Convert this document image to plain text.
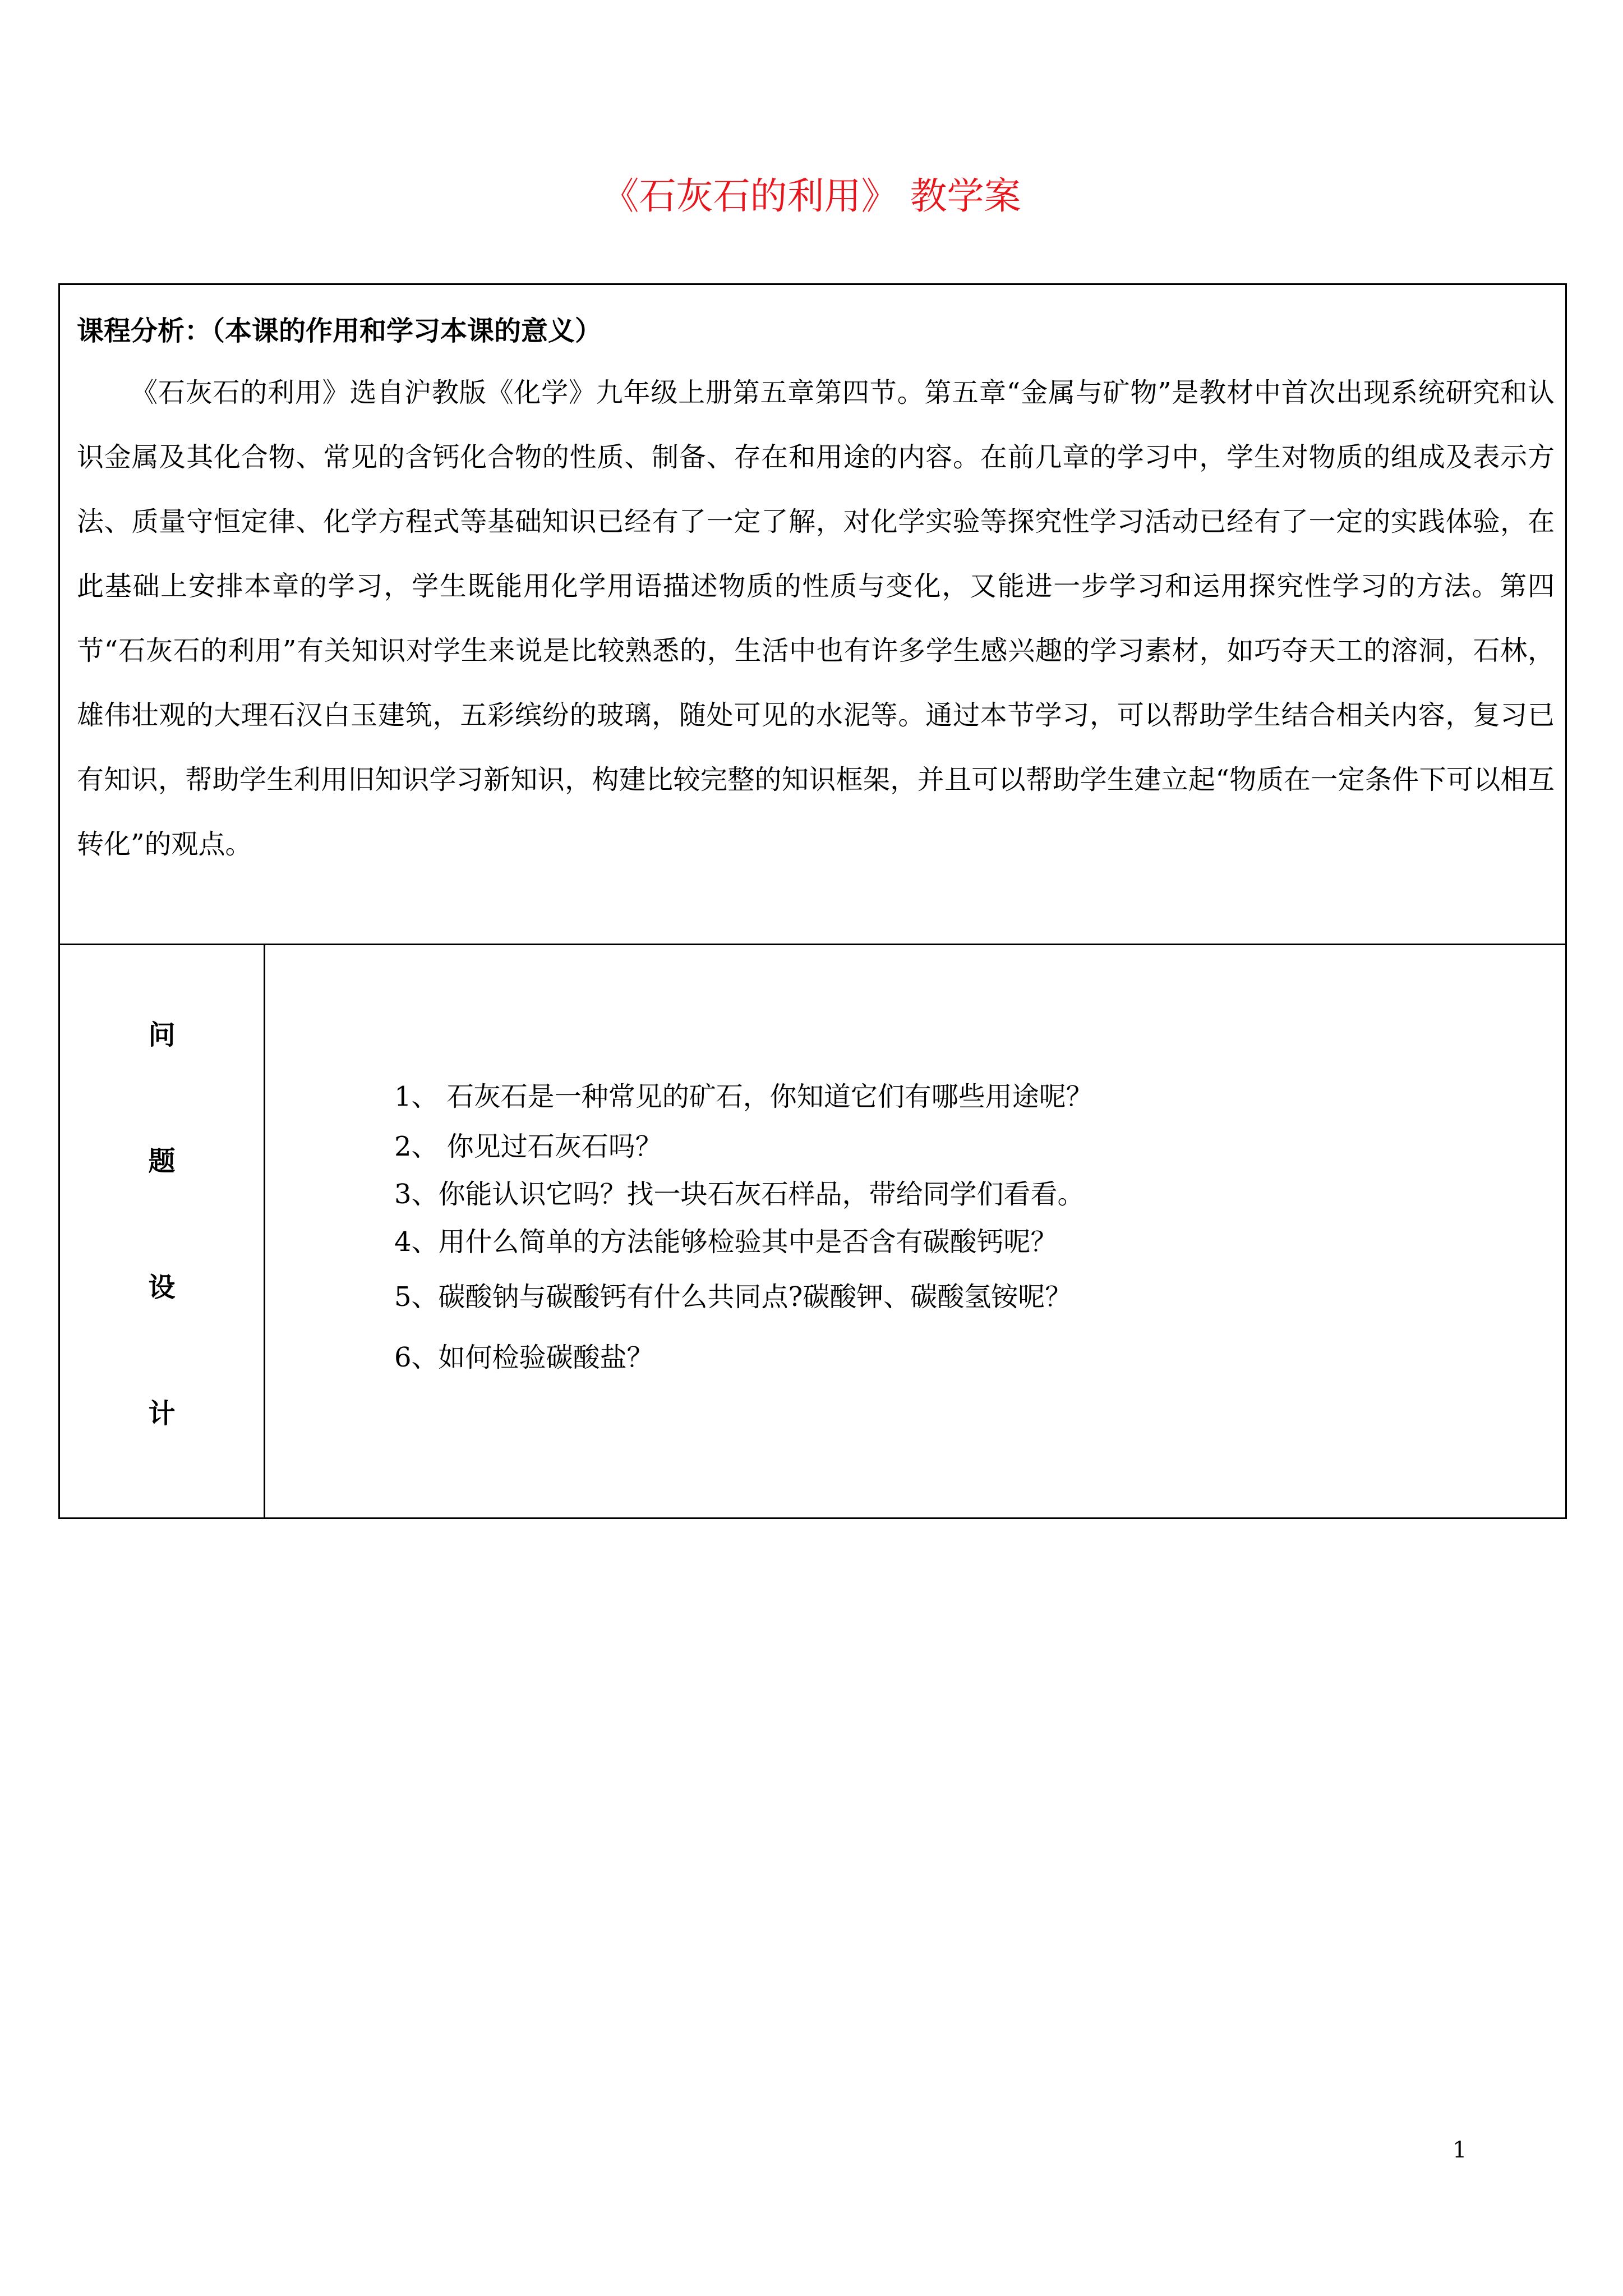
《石灰石的利用》 教学案
课程分析：（本课的作用和学习本课的意义）

《石灰石的利用》选自沪教版《化学》九年级上册第五章第四节。第五章“金属与矿物”是教材中首次出现系统研究和认识金属及其化合物、常见的含钙化合物的性质、制备、存在和用途的内容。在前几章的学习中，学生对物质的组成及表示方法、质量守恒定律、化学方程式等基础知识已经有了一定了解，对化学实验等探究性学习活动已经有了一定的实践体验，在此基础上安排本章的学习，学生既能用化学用语描述物质的性质与变化，又能进一步学习和运用探究性学习的方法。第四节“石灰石的利用”有关知识对学生来说是比较熟悉的，生活中也有许多学生感兴趣的学习素材，如巧夺天工的溶洞，石林，雄伟壮观的大理石汉白玉建筑，五彩缤纷的玻璃，随处可见的水泥等。通过本节学习，可以帮助学生结合相关内容，复习已有知识，帮助学生利用旧知识学习新知识，构建比较完整的知识框架，并且可以帮助学生建立起“物质在一定条件下可以相互转化”的观点。

问
题
设
计
1、 石灰石是一种常见的矿石，你知道它们有哪些用途呢？
2、 你见过石灰石吗？
3、你能认识它吗？找一块石灰石样品，带给同学们看看。
4、用什么简单的方法能够检验其中是否含有碳酸钙呢？
5、碳酸钠与碳酸钙有什么共同点?碳酸钾、碳酸氢铵呢？
6、如何检验碳酸盐？
1
